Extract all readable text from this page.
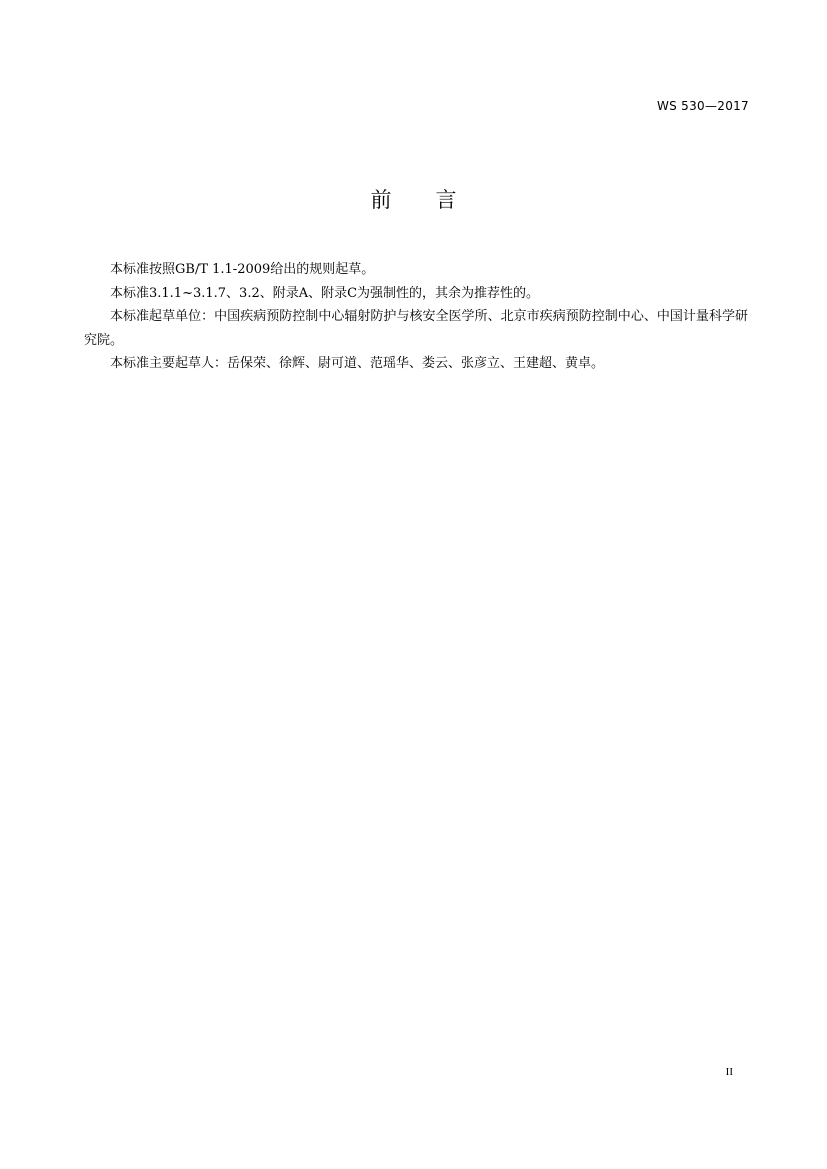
WS 530—2017
前言

本标准按照GB/T 1.1-2009给出的规则起草。

本标准3.1.1~3.1.7、3.2、附录A、附录C为强制性的，其余为推荐性的。

本标准起草单位：中国疾病预防控制中心辐射防护与核安全医学所、北京市疾病预防控制中心、中国计量科学研究院。

本标准主要起草人：岳保荣、徐辉、尉可道、范瑶华、娄云、张彦立、王建超、黄卓。

II
